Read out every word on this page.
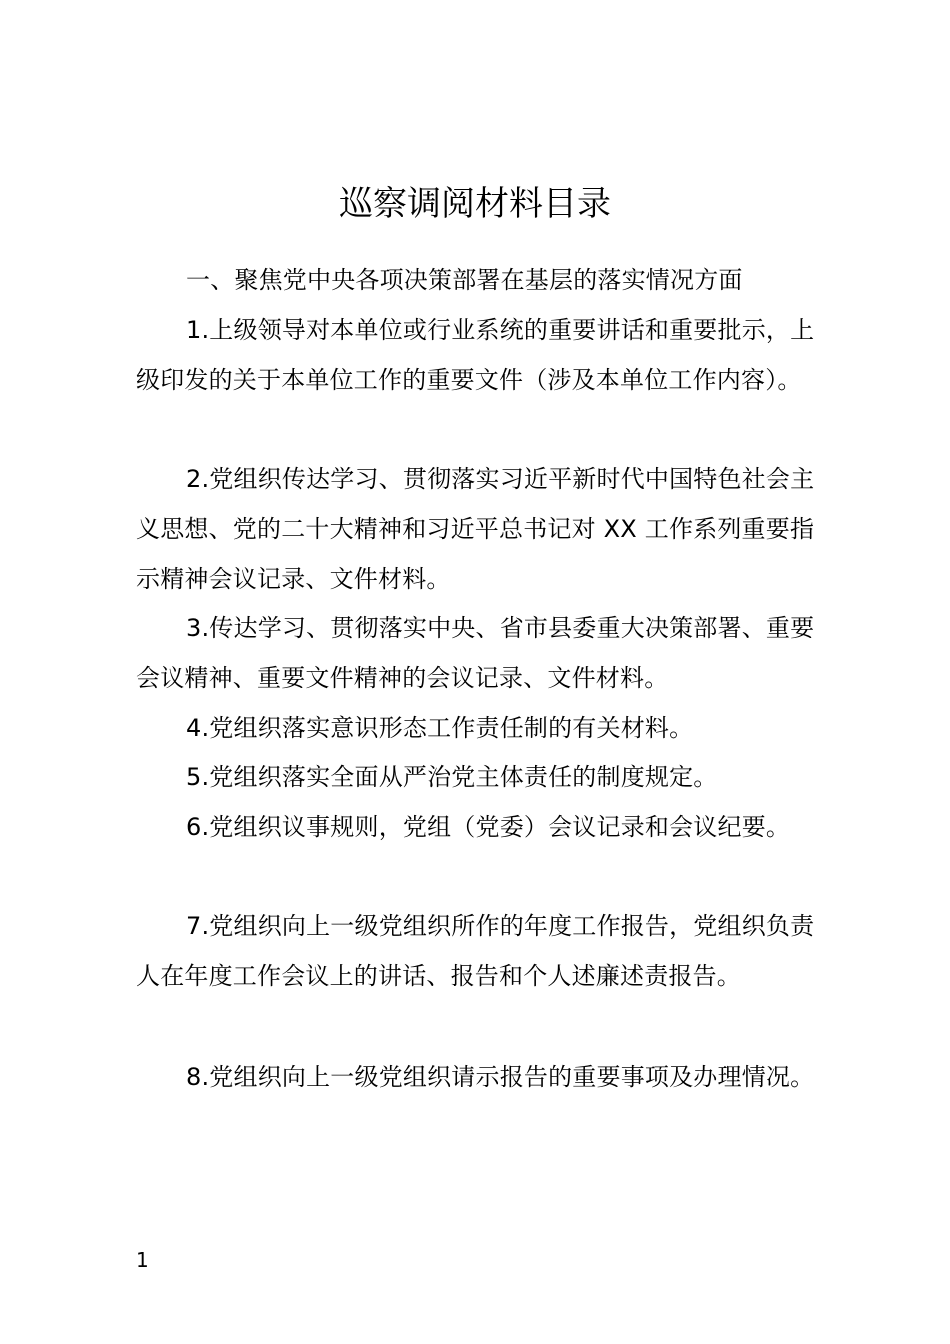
巡察调阅材料目录

一、聚焦党中央各项决策部署在基层的落实情况方面

1.上级领导对本单位或行业系统的重要讲话和重要批示，上级印发的关于本单位工作的重要文件（涉及本单位工作内容）。

2.党组织传达学习、贯彻落实习近平新时代中国特色社会主义思想、党的二十大精神和习近平总书记对 XX 工作系列重要指示精神会议记录、文件材料。

3.传达学习、贯彻落实中央、省市县委重大决策部署、重要会议精神、重要文件精神的会议记录、文件材料。

4.党组织落实意识形态工作责任制的有关材料。

5.党组织落实全面从严治党主体责任的制度规定。

6.党组织议事规则，党组（党委）会议记录和会议纪要。

7.党组织向上一级党组织所作的年度工作报告，党组织负责人在年度工作会议上的讲话、报告和个人述廉述责报告。

8.党组织向上一级党组织请示报告的重要事项及办理情况。

1
